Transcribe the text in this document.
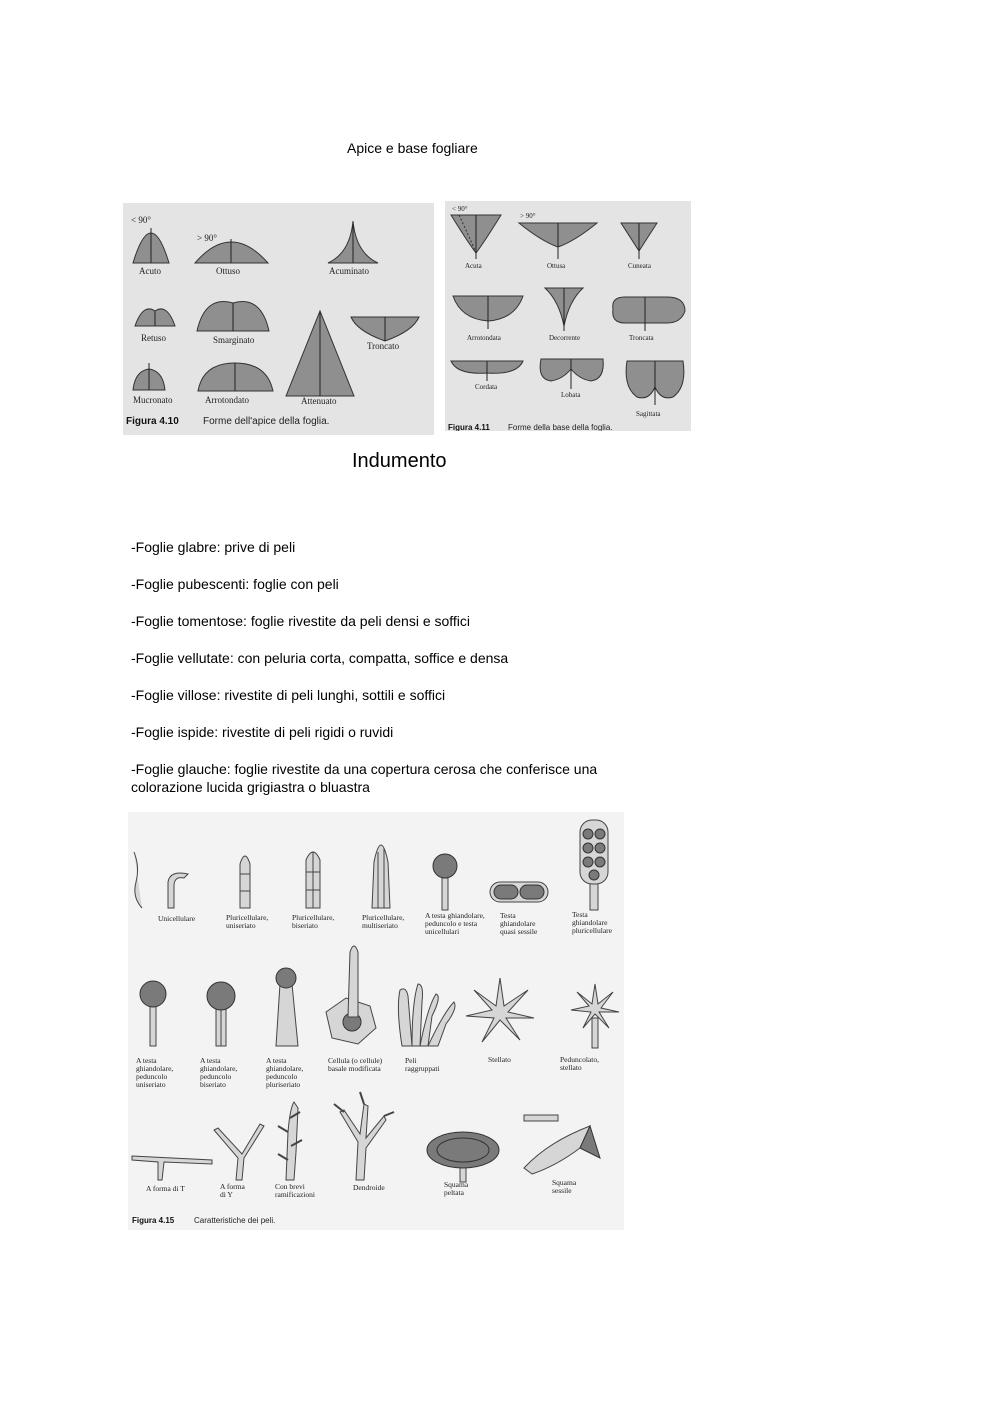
Apice e base fogliare
< 90°
Acuto
> 90°
Ottuso	Acuminato
Retuso	Smarginato
Troncato
Mucronato	Arrotondato	Attenuato
Figura 4.10 Forme dell'apice della foglia.
< 90°
Acuta
> 90°
Ottusa	Cuneata
Arrotondata	Decorrente	Troncata
Cordata
Lobata
Sagittata
Figura 4.11 Forme della base della foglia.
Indumento

-Foglie glabre: prive di peli

-Foglie pubescenti: foglie con peli

-Foglie tomentose: foglie rivestite da peli densi e soffici

-Foglie vellutate: con peluria corta, compatta, soffice e densa

-Foglie villose: rivestite di peli lunghi, sottili e soffici

-Foglie ispide: rivestite di peli rigidi o ruvidi

-Foglie glauche: foglie rivestite da una copertura cerosa che conferisce una colorazione lucida grigiastra o bluastra

Unicellulare	Pluricellulare, uniseriato
Pluricellulare, biseriato
Pluricellulare, multiseriato
A testa ghiandolare, peduncolo e testa unicellulari
Testa ghiandolare quasi sessile
Testa ghiandolare pluricellulare
A testa ghiandolare, peduncolo uniseriato
A testa ghiandolare, peduncolo biseriato
A testa ghiandolare, peduncolo pluriseriato
Cellula (o cellule) basale modificata
Peli raggruppati
Stellato	Peduncolato, stellato
A forma di T	A forma di Y
Con brevi ramificazioni
Dendroide	Squama peltata
Squama sessile
Figura 4.15 Caratteristiche dei peli.
